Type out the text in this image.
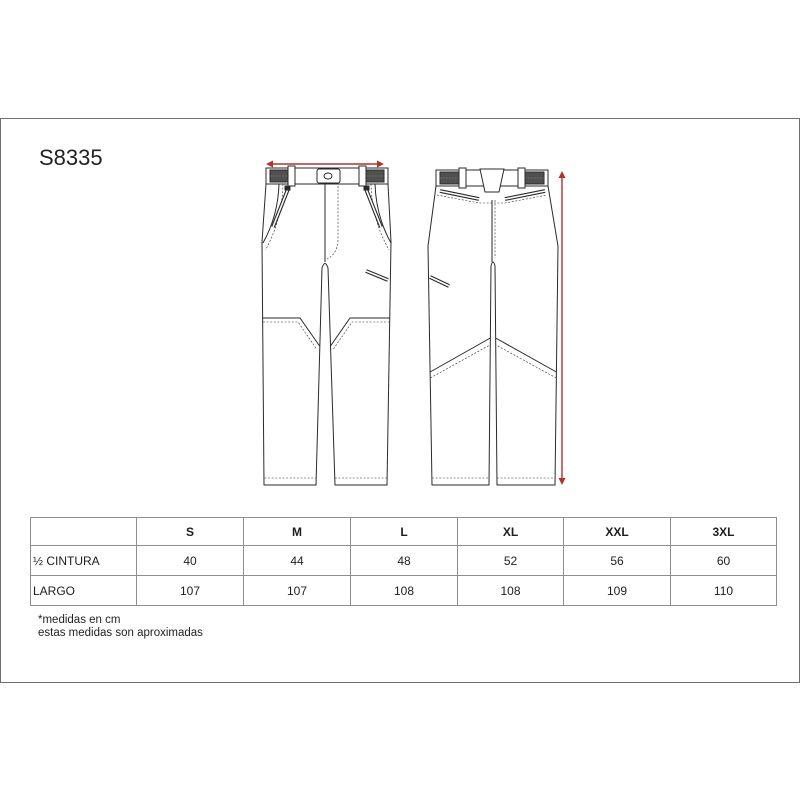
S8335
	S	M	L	XL	XXL	3XL
½ CINTURA	40	44	48	52	56	60
LARGO	107	107	108	108	109	110

*medidas en cm

estas medidas son aproximadas
